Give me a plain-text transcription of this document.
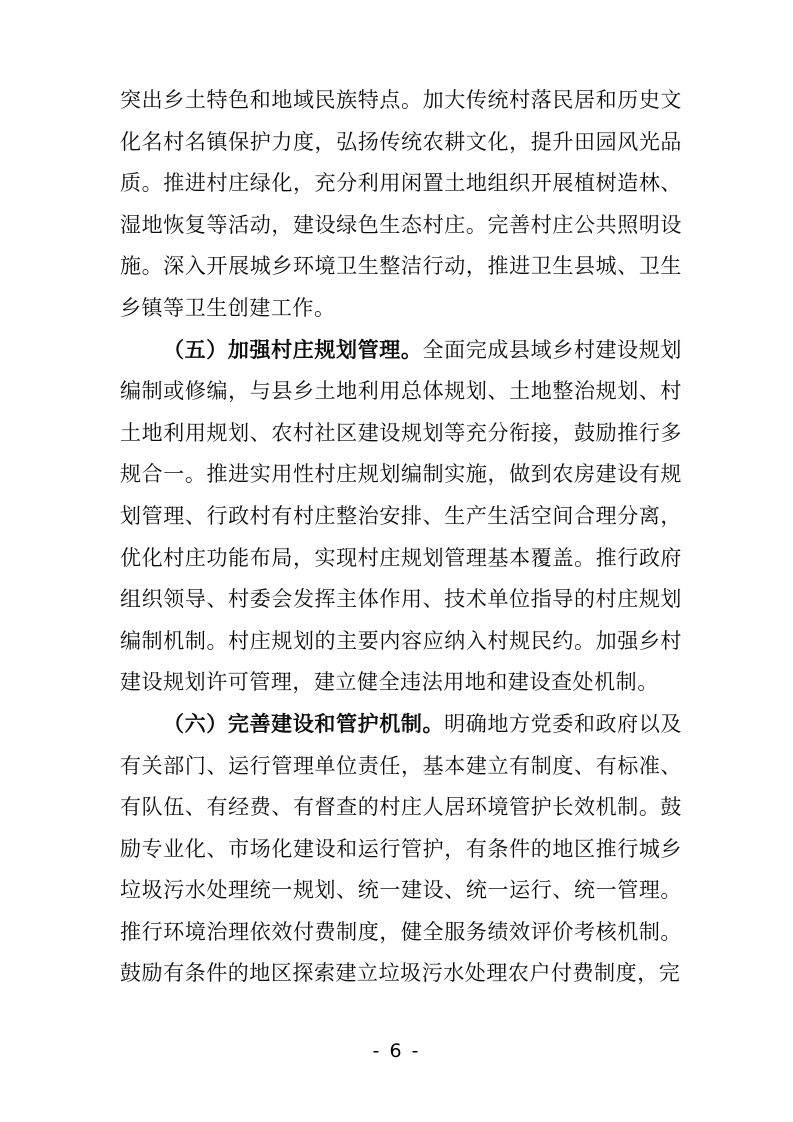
突出乡土特色和地域民族特点。加大传统村落民居和历史文化名村名镇保护力度，弘扬传统农耕文化，提升田园风光品质。推进村庄绿化，充分利用闲置土地组织开展植树造林、湿地恢复等活动，建设绿色生态村庄。完善村庄公共照明设施。深入开展城乡环境卫生整洁行动，推进卫生县城、卫生乡镇等卫生创建工作。

（五）加强村庄规划管理。全面完成县域乡村建设规划编制或修编，与县乡土地利用总体规划、土地整治规划、村土地利用规划、农村社区建设规划等充分衔接，鼓励推行多规合一。推进实用性村庄规划编制实施，做到农房建设有规划管理、行政村有村庄整治安排、生产生活空间合理分离，优化村庄功能布局，实现村庄规划管理基本覆盖。推行政府组织领导、村委会发挥主体作用、技术单位指导的村庄规划编制机制。村庄规划的主要内容应纳入村规民约。加强乡村建设规划许可管理，建立健全违法用地和建设查处机制。

（六）完善建设和管护机制。明确地方党委和政府以及有关部门、运行管理单位责任，基本建立有制度、有标准、有队伍、有经费、有督查的村庄人居环境管护长效机制。鼓励专业化、市场化建设和运行管护，有条件的地区推行城乡垃圾污水处理统一规划、统一建设、统一运行、统一管理。推行环境治理依效付费制度，健全服务绩效评价考核机制。鼓励有条件的地区探索建立垃圾污水处理农户付费制度，完

- 6 -
